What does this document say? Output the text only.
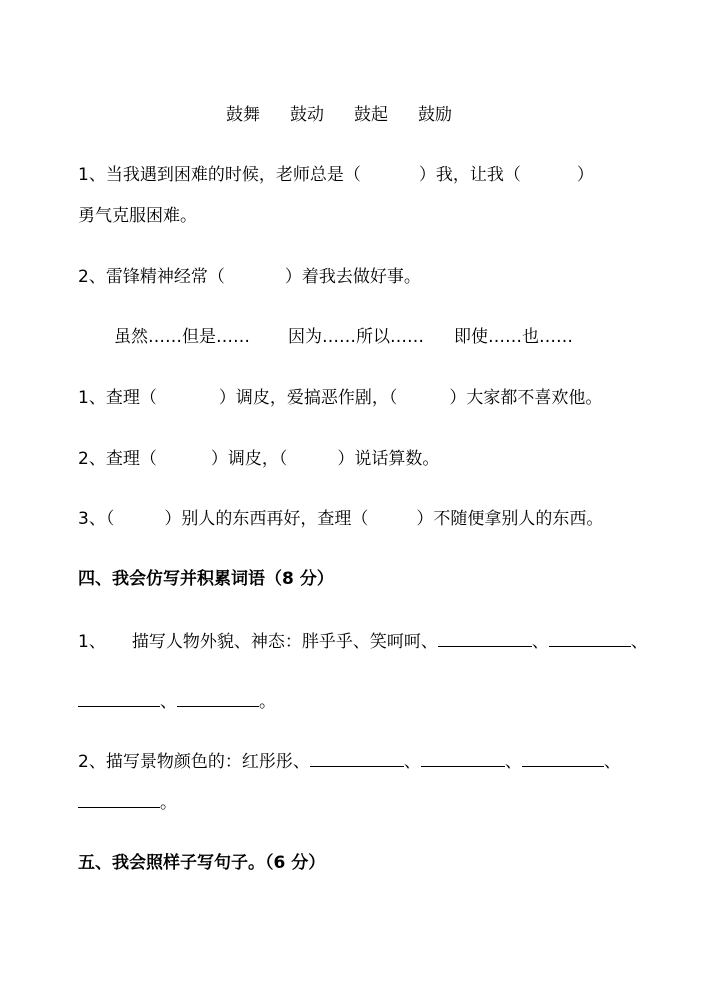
鼓舞 鼓动 鼓起 鼓励
1、当我遇到困难的时候，老师总是（	）我，让我（	）
勇气克服困难。
2、雷锋精神经常（	）着我去做好事。
虽然……但是…… 因为……所以…… 即使……也……
1、查理（	）调皮，爱搞恶作剧，（	）大家都不喜欢他。
2、查理（	）调皮，（	）说话算数。
3、（	）别人的东西再好，查理（	）不随便拿别人的东西。
四、我会仿写并积累词语（8 分）
1、 描写人物外貌、神态：胖乎乎、笑呵呵、	、	、
、	。
2、描写景物颜色的：红彤彤、	、	、	、
。
五、我会照样子写句子。（6 分）
